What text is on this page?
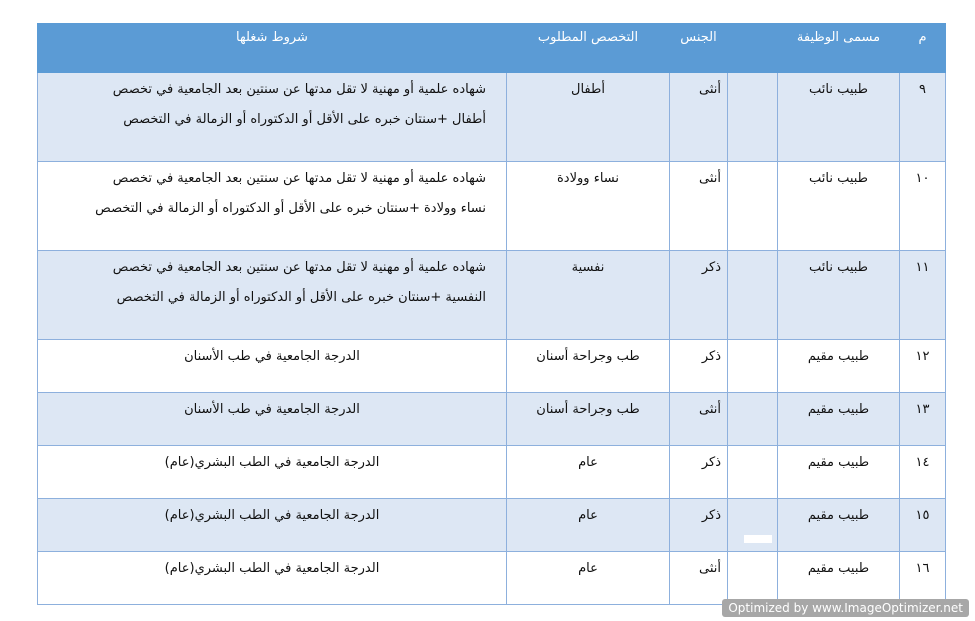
م	مسمى الوظيفة		الجنس	التخصص المطلوب	شروط شغلها
٩	طبيب نائب		أنثى	أطفال	شهاده علمية أو مهنية لا تقل مدتها عن سنتين بعد الجامعية في تخصص
أطفال +سنتان خبره على الأقل أو الدكتوراه أو الزمالة في التخصص

١٠	طبيب نائب		أنثى	نساء وولادة	شهاده علمية أو مهنية لا تقل مدتها عن سنتين بعد الجامعية في تخصص
نساء وولادة +سنتان خبره على الأقل أو الدكتوراه أو الزمالة في التخصص

١١	طبيب نائب		ذكر	نفسية	شهاده علمية أو مهنية لا تقل مدتها عن سنتين بعد الجامعية في تخصص
النفسية +سنتان خبره على الأقل أو الدكتوراه أو الزمالة في التخصص

١٢	طبيب مقيم		ذكر	طب وجراحة أسنان	الدرجة الجامعية في طب الأسنان
١٣	طبيب مقيم		أنثى	طب وجراحة أسنان	الدرجة الجامعية في طب الأسنان
١٤	طبيب مقيم		ذكر	عام	الدرجة الجامعية في الطب البشري(عام)
١٥	طبيب مقيم		ذكر	عام	الدرجة الجامعية في الطب البشري(عام)
١٦	طبيب مقيم		أنثى	عام	الدرجة الجامعية في الطب البشري(عام)
Optimized by www.ImageOptimizer.net
